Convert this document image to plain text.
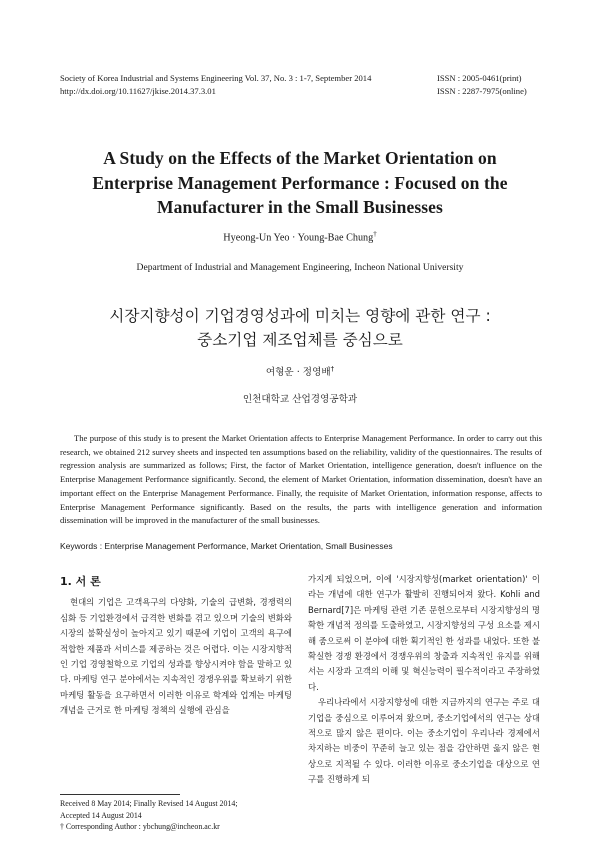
Society of Korea Industrial and Systems Engineering Vol. 37, No. 3 : 1-7, September 2014
http://dx.doi.org/10.11627/jkise.2014.37.3.01
ISSN : 2005-0461(print)
ISSN : 2287-7975(online)
A Study on the Effects of the Market Orientation on
Enterprise Management Performance : Focused on the
Manufacturer in the Small Businesses
Hyeong-Un Yeo · Young-Bae Chung†
Department of Industrial and Management Engineering, Incheon National University
시장지향성이 기업경영성과에 미치는 영향에 관한 연구 :
중소기업 제조업체를 중심으로
여형운 · 정영배†
인천대학교 산업경영공학과
The purpose of this study is to present the Market Orientation affects to Enterprise Management Performance. In order to carry out this research, we obtained 212 survey sheets and inspected ten assumptions based on the reliability, validity of the questionnaires. The results of regression analysis are summarized as follows; First, the factor of Market Orientation, intelligence generation, doesn't influence on the Enterprise Management Performance significantly. Second, the element of Market Orientation, information dissemination, doesn't have an important effect on the Enterprise Management Performance. Finally, the requisite of Market Orientation, information response, affects to Enterprise Management Performance significantly. Based on the results, the parts with intelligence generation and information dissemination will be improved in the manufacturer of the small businesses.
Keywords : Enterprise Management Performance, Market Orientation, Small Businesses
1. 서 론

현대의 기업은 고객욕구의 다양화, 기술의 급변화, 경쟁력의 심화 등 기업환경에서 급격한 변화를 겪고 있으며 기술의 변화와 시장의 불확실성이 높아지고 있기 때문에 기업이 고객의 욕구에 적합한 제품과 서비스를 제공하는 것은 어렵다. 이는 시장지향적인 기업 경영철학으로 기업의 성과를 향상시켜야 함을 말하고 있다. 마케팅 연구 분야에서는 지속적인 경쟁우위를 확보하기 위한 마케팅 활동을 요구하면서 이러한 이유로 학계와 업계는 마케팅 개념을 근거로 한 마케팅 정책의 실행에 관심을

가지게 되었으며, 이에 '시장지향성(market orientation)' 이라는 개념에 대한 연구가 활발히 진행되어져 왔다. Kohli and Bernard[7]은 마케팅 관련 기존 문헌으로부터 시장지향성의 명확한 개념적 정의를 도출하였고, 시장지향성의 구성 요소를 제시해 줌으로써 이 분야에 대한 획기적인 한 성과를 내었다. 또한 불확실한 경쟁 환경에서 경쟁우위의 창출과 지속적인 유지를 위해서는 시장과 고객의 이해 및 혁신능력이 필수적이라고 주장하였다.

우리나라에서 시장지향성에 대한 지금까지의 연구는 주로 대기업을 중심으로 이루어져 왔으며, 중소기업에서의 연구는 상대적으로 많지 않은 편이다. 이는 중소기업이 우리나라 경제에서 차지하는 비중이 꾸준히 늘고 있는 점을 감안하면 옳지 않은 현상으로 지적될 수 있다. 이러한 이유로 중소기업을 대상으로 연구를 진행하게 되

Received 8 May 2014; Finally Revised 14 August 2014;
Accepted 14 August 2014
† Corresponding Author : ybchung@incheon.ac.kr
